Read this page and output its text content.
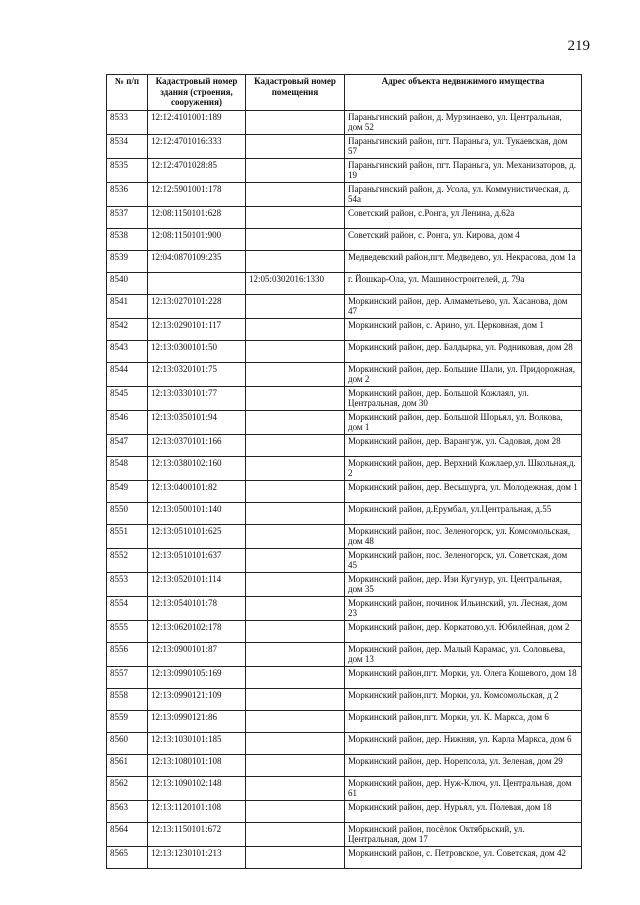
219
№ п/п	Кадастровый номер здания (строения, сооружения)	Кадастровый номер помещения	Адрес объекта недвижимого имущества
8533	12:12:4101001:189		Параньгинский район, д. Мурзинаево, ул. Центральная, дом 52
8534	12:12:4701016:333		Параньгинский район, пгт. Параньга, ул. Тукаевская, дом 57
8535	12:12:4701028:85		Параньгинский район, пгт. Параньга, ул. Механизаторов, д. 19
8536	12:12:5901001:178		Параньгинский район, д. Усола, ул. Коммунистическая, д. 54а
8537	12:08:1150101:628		Советский район, с.Ронга, ул Ленина, д.62а
8538	12:08:1150101:900		Советский район, с. Ронга, ул. Кирова, дом 4
8539	12:04:0870109:235		Медведевский район,пгт. Медведево, ул. Некрасова, дом 1а
8540		12:05:0302016:1330	г. Йошкар-Ола, ул. Машиностроителей, д. 79а
8541	12:13:0270101:228		Моркинский район, дер. Алмаметьево, ул. Хасанова, дом 47
8542	12:13:0290101:117		Моркинский район, с. Арино, ул. Церковная, дом 1
8543	12:13:0300101:50		Моркинский район, дер. Балдырка, ул. Родниковая, дом 28
8544	12:13:0320101:75		Моркинский район, дер. Большие Шали, ул. Придорожная, дом 2
8545	12:13:0330101:77		Моркинский район, дер. Большой Кожлаял, ул. Центральная, дом 30
8546	12:13:0350101:94		Моркинский район, дер. Большой Шорьял, ул. Волкова, дом 1
8547	12:13:0370101:166		Моркинский район, дер. Варангуж, ул. Садовая, дом 28
8548	12:13:0380102:160		Моркинский район, дер. Верхний Кожлаер,ул. Школьная,д. 2
8549	12:13:0400101:82		Моркинский район, дер. Весьшурга, ул. Молодежная, дом 1
8550	12:13:0500101:140		Моркинский район, д.Ерумбал, ул.Центральная, д.55
8551	12:13:0510101:625		Моркинский район, пос. Зеленогорск, ул. Комсомольская, дом 48
8552	12:13:0510101:637		Моркинский район, пос. Зеленогорск, ул. Советская, дом 45
8553	12:13:0520101:114		Моркинский район, дер. Изи Кугунур, ул. Центральная, дом 35
8554	12:13:0540101:78		Моркинский район, починок Ильинский, ул. Лесная, дом 23
8555	12:13:0620102:178		Моркинский район, дер. Коркатово,ул. Юбилейная, дом 2
8556	12:13:0900101:87		Моркинский район, дер. Малый Карамас, ул. Соловьева, дом 13
8557	12:13:0990105:169		Моркинский район,пгт. Морки, ул. Олега Кошевого, дом 18
8558	12:13:0990121:109		Моркинский район,пгт. Морки, ул. Комсомольская, д 2
8559	12:13:0990121:86		Моркинский район,пгт. Морки, ул. К. Маркса, дом 6
8560	12:13:1030101:185		Моркинский район, дер. Нижняя, ул. Карла Маркса, дом 6
8561	12:13:1080101:108		Моркинский район, дер. Норепсола, ул. Зеленая, дом 29
8562	12:13:1090102:148		Моркинский район, дер. Нуж-Ключ, ул. Центральная, дом 61
8563	12:13:1120101:108		Моркинский район, дер. Нурьял, ул. Полевая, дом 18
8564	12:13:1150101:672		Моркинский район, посёлок Октябрьский, ул. Центральная, дом 17
8565	12:13:1230101:213		Моркинский район, с. Петровское, ул. Советская, дом 42
